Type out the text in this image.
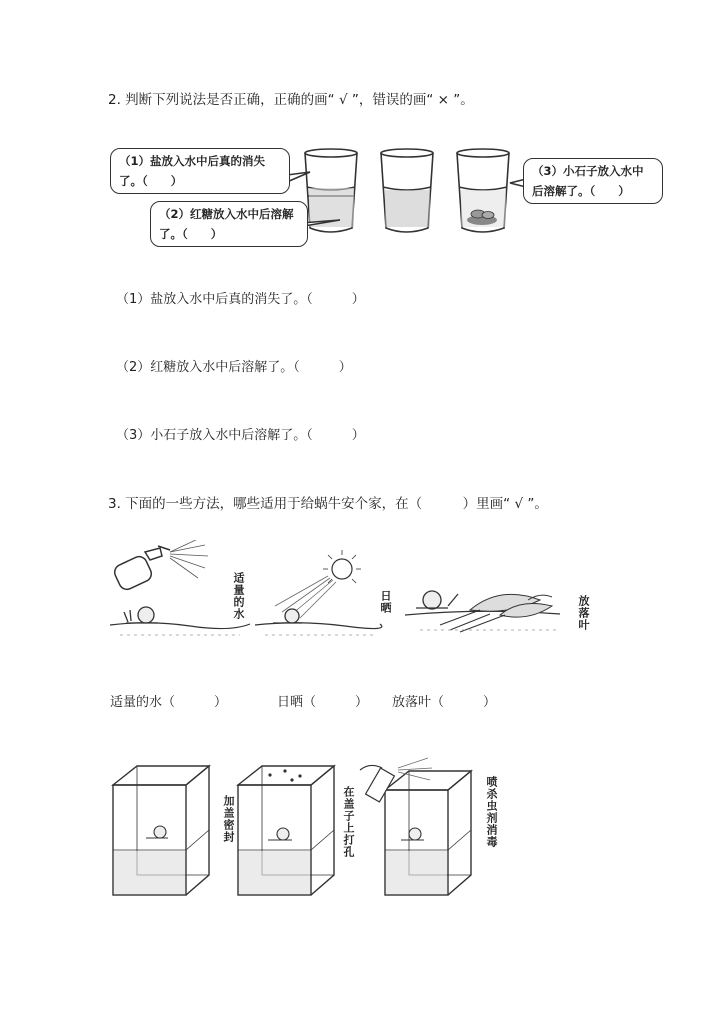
2. 判断下列说法是否正确，正确的画“ √ ”，错误的画“ × ”。
（1）盐放入水中后真的消失
了。（　　）
（2）红糖放入水中后溶解
了。（　　）
（3）小石子放入水中
后溶解了。（　　）
（1）盐放入水中后真的消失了。（　　　）
（2）红糖放入水中后溶解了。（　　　）
（3）小石子放入水中后溶解了。（　　　）
3. 下面的一些方法，哪些适用于给蜗牛安个家，在（　　　）里画“ √ ”。
适量的水	日晒	放落叶
适量的水（　　　）	日晒（　　　） 放落叶（　　　）
加盖密封	在盖子上打孔	喷杀虫剂消毒
